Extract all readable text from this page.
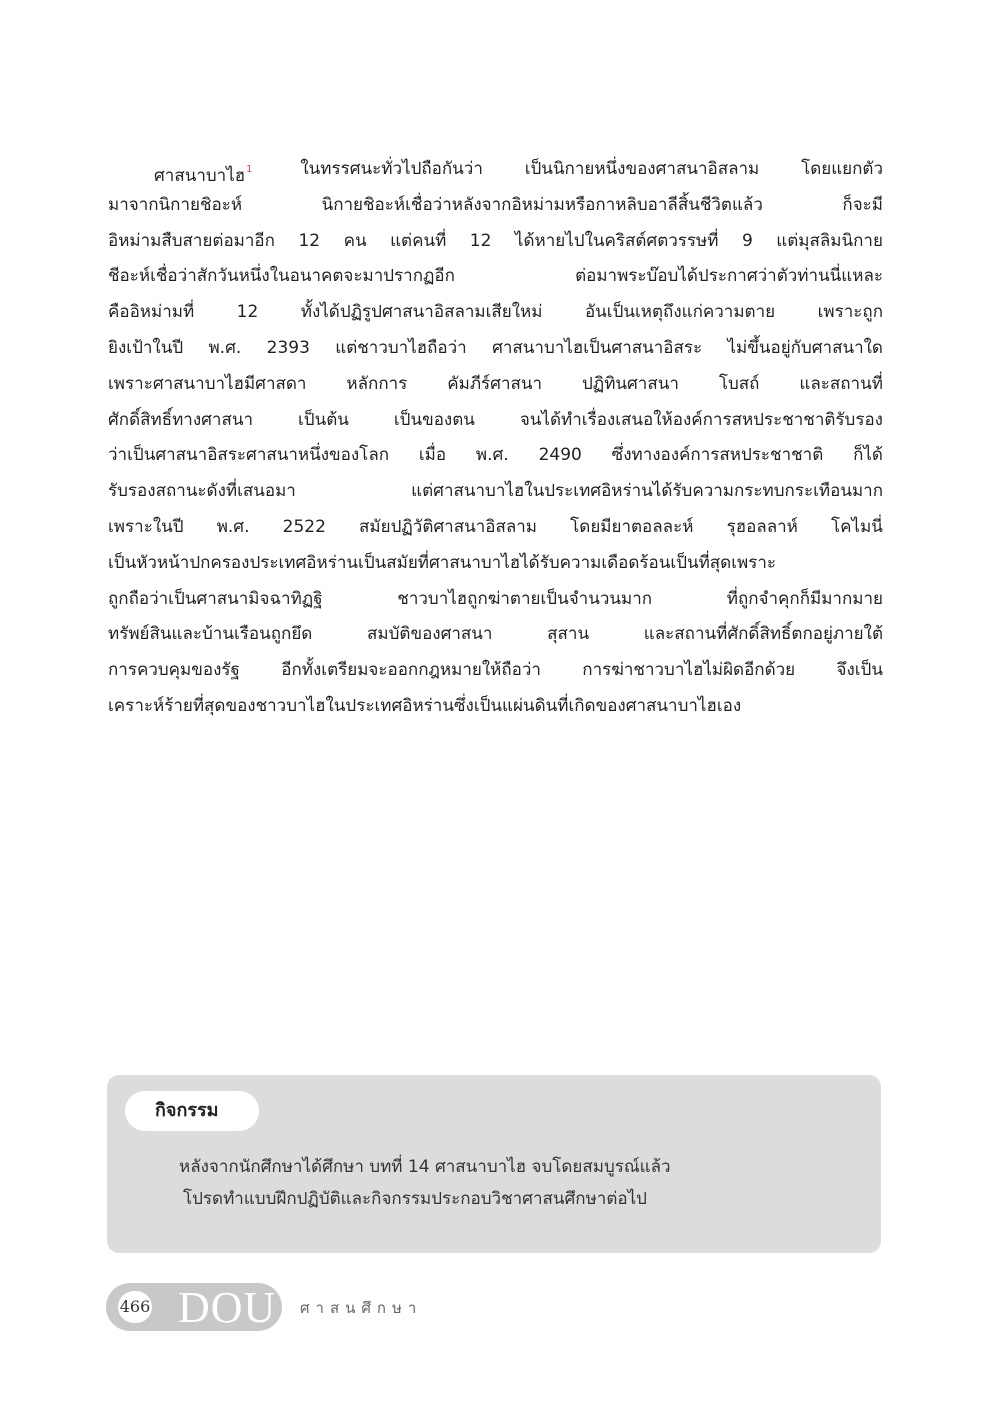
ศาสนาบาไฮ$^1$	ในทรรศนะทั่วไปถือกันว่า เป็นนิกายหนึ่งของศาสนาอิสลาม โดยแยกตัว
มาจากนิกายชิอะห์	นิกายชิอะห์เชื่อว่าหลังจากอิหม่ามหรือกาหลิบอาลีสิ้นชีวิตแล้ว	ก็จะมี
อิหม่ามสืบสายต่อมาอีก 12 คน แต่คนที่ 12 ได้หายไปในคริสต์ศตวรรษที่ 9 แต่มุสลิมนิกาย
ชีอะห์เชื่อว่าสักวันหนึ่งในอนาคตจะมาปรากฏอีก	ต่อมาพระบ๊อบได้ประกาศว่าตัวท่านนี่แหละ
คืออิหม่ามที่ 12 ทั้งได้ปฏิรูปศาสนาอิสลามเสียใหม่ อันเป็นเหตุถึงแก่ความตาย เพราะถูก
ยิงเป้าในปี พ.ศ. 2393 แต่ชาวบาไฮถือว่า ศาสนาบาไฮเป็นศาสนาอิสระ ไม่ขึ้นอยู่กับศาสนาใด
เพราะศาสนาบาไฮมีศาสดา หลักการ คัมภีร์ศาสนา ปฏิทินศาสนา โบสถ์ และสถานที่
ศักดิ์สิทธิ์ทางศาสนา	เป็นต้น	เป็นของตน	จนได้ทำเรื่องเสนอให้องค์การสหประชาชาติรับรอง
ว่าเป็นศาสนาอิสระศาสนาหนึ่งของโลก เมื่อ พ.ศ. 2490 ซึ่งทางองค์การสหประชาชาติ ก็ได้
รับรองสถานะดังที่เสนอมา	แต่ศาสนาบาไฮในประเทศอิหร่านได้รับความกระทบกระเทือนมาก
เพราะในปี พ.ศ. 2522 สมัยปฏิวัติศาสนาอิสลาม โดยมียาตอลละห์ รุฮอลลาห์ โคไมนี่
เป็นหัวหน้าปกครองประเทศอิหร่านเป็นสมัยที่ศาสนาบาไฮได้รับความเดือดร้อนเป็นที่สุดเพราะ
ถูกถือว่าเป็นศาสนามิจฉาทิฏฐิ	ชาวบาไฮถูกฆ่าตายเป็นจำนวนมาก	ที่ถูกจำคุกก็มีมากมาย
ทรัพย์สินและบ้านเรือนถูกยึด	สมบัติของศาสนา	สุสาน	และสถานที่ศักดิ์สิทธิ์ตกอยู่ภายใต้
การควบคุมของรัฐ อีกทั้งเตรียมจะออกกฎหมายให้ถือว่า การฆ่าชาวบาไฮไม่ผิดอีกด้วย จึงเป็น
เคราะห์ร้ายที่สุดของชาวบาไฮในประเทศอิหร่านซึ่งเป็นแผ่นดินที่เกิดของศาสนาบาไฮเอง
กิจกรรม
หลังจากนักศึกษาได้ศึกษา บทที่ 14 ศาสนาบาไฮ จบโดยสมบูรณ์แล้ว
โปรดทำแบบฝึกปฏิบัติและกิจกรรมประกอบวิชาศาสนศึกษาต่อไป
466 DOU ศาสนศึกษา
